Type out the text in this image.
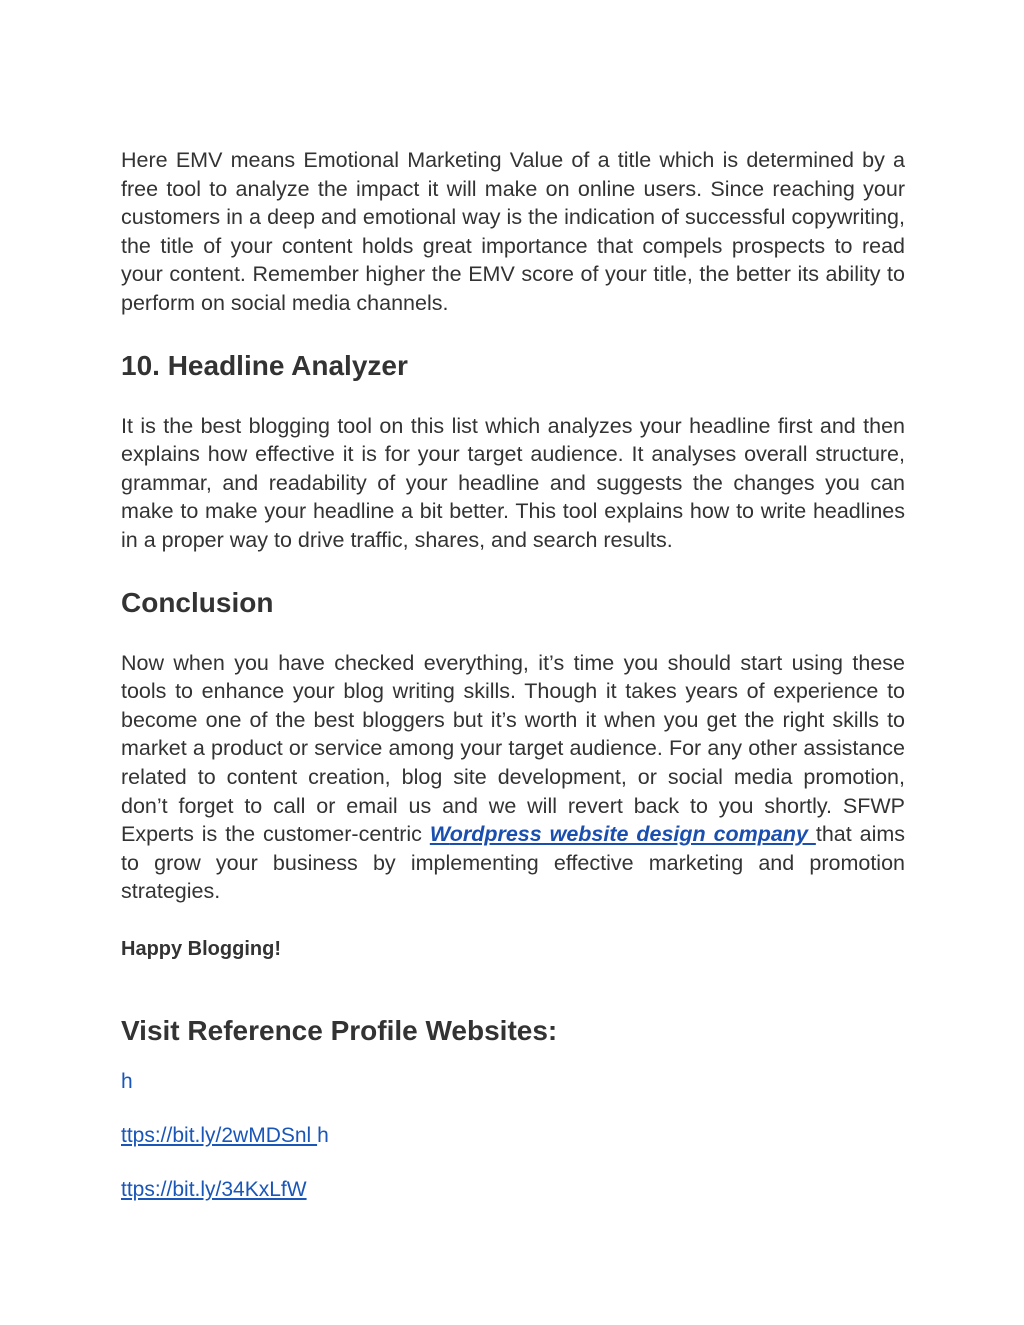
Here EMV means Emotional Marketing Value of a title which is determined by a free tool to analyze the impact it will make on online users. Since reaching your customers in a deep and emotional way is the indication of successful copywriting, the title of your content holds great importance that compels prospects to read your content. Remember higher the EMV score of your title, the better its ability to perform on social media channels.

10. Headline Analyzer

It is the best blogging tool on this list which analyzes your headline first and then explains how effective it is for your target audience. It analyses overall structure, grammar, and readability of your headline and suggests the changes you can make to make your headline a bit better. This tool explains how to write headlines in a proper way to drive traffic, shares, and search results.

Conclusion

Now when you have checked everything, it’s time you should start using these tools to enhance your blog writing skills. Though it takes years of experience to become one of the best bloggers but it’s worth it when you get the right skills to market a product or service among your target audience. For any other assistance related to content creation, blog site development, or social media promotion, don’t forget to call or email us and we will revert back to you shortly. SFWP Experts is the customer-centric Wordpress website design company that aims to grow your business by implementing effective marketing and promotion strategies.

Happy Blogging!

Visit Reference Profile Websites:

h

ttps://bit.ly/2wMDSnl h

ttps://bit.ly/34KxLfW
